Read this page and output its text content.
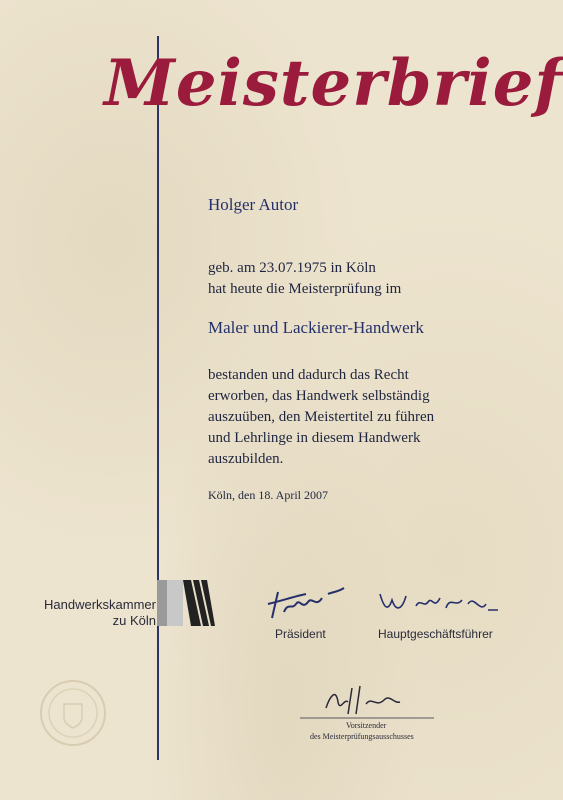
Meisterbrief
Holger Autor
geb. am 23.07.1975 in Köln
hat heute die Meisterprüfung im
Maler und Lackierer-Handwerk
bestanden und dadurch das Recht
erworben, das Handwerk selbständig
auszuüben, den Meistertitel zu führen
und Lehrlinge in diesem Handwerk
auszubilden.
Köln, den 18. April 2007
Handwerkskammer
zu Köln
Präsident	Hauptgeschäftsführer
Vorsitzender
des Meisterprüfungsausschusses
